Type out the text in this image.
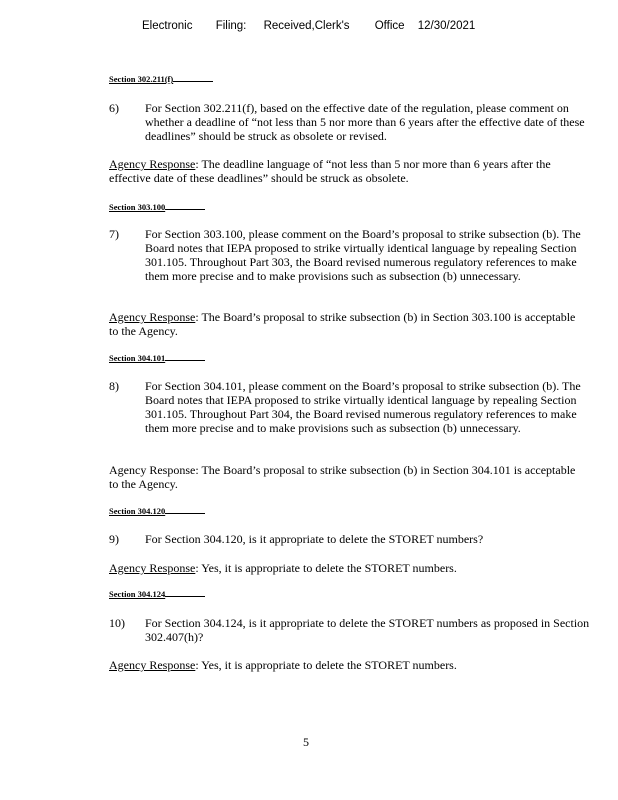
Electronic Filing: Received,Clerk's Office 12/30/2021
Section 302.211(f)
6) For Section 302.211(f), based on the effective date of the regulation, please comment on whether a deadline of “not less than 5 nor more than 6 years after the effective date of these deadlines” should be struck as obsolete or revised.
Agency Response: The deadline language of “not less than 5 nor more than 6 years after the effective date of these deadlines” should be struck as obsolete.
Section 303.100
7) For Section 303.100, please comment on the Board’s proposal to strike subsection (b). The Board notes that IEPA proposed to strike virtually identical language by repealing Section 301.105. Throughout Part 303, the Board revised numerous regulatory references to make them more precise and to make provisions such as subsection (b) unnecessary.
Agency Response: The Board’s proposal to strike subsection (b) in Section 303.100 is acceptable to the Agency.
Section 304.101
8) For Section 304.101, please comment on the Board’s proposal to strike subsection (b). The Board notes that IEPA proposed to strike virtually identical language by repealing Section 301.105. Throughout Part 304, the Board revised numerous regulatory references to make them more precise and to make provisions such as subsection (b) unnecessary.
Agency Response: The Board’s proposal to strike subsection (b) in Section 304.101 is acceptable to the Agency.
Section 304.120
9) For Section 304.120, is it appropriate to delete the STORET numbers?
Agency Response: Yes, it is appropriate to delete the STORET numbers.
Section 304.124
10) For Section 304.124, is it appropriate to delete the STORET numbers as proposed in Section 302.407(h)?
Agency Response: Yes, it is appropriate to delete the STORET numbers.
5
